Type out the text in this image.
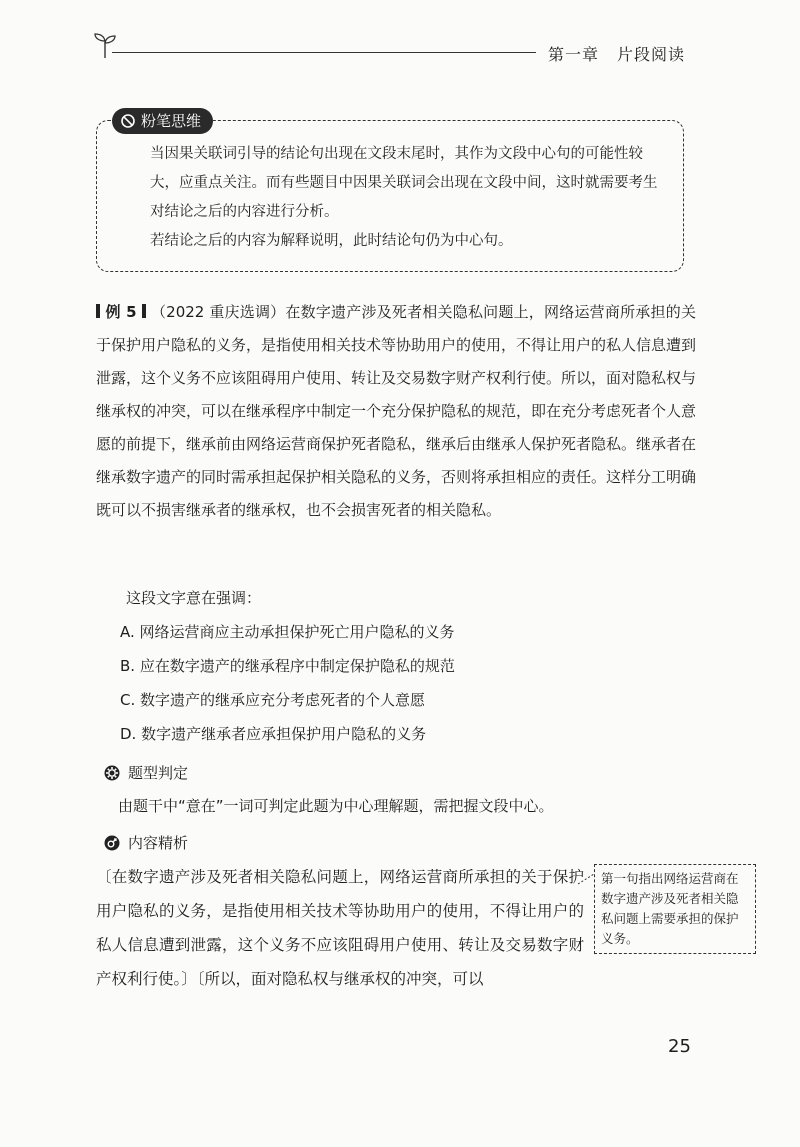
第一章 片段阅读
粉笔思维

当因果关联词引导的结论句出现在文段末尾时，其作为文段中心句的可能性较大，应重点关注。而有些题目中因果关联词会出现在文段中间，这时就需要考生对结论之后的内容进行分析。

若结论之后的内容为解释说明，此时结论句仍为中心句。

例 5 （2022 重庆选调）在数字遗产涉及死者相关隐私问题上，网络运营商所承担的关于保护用户隐私的义务，是指使用相关技术等协助用户的使用，不得让用户的私人信息遭到泄露，这个义务不应该阻碍用户使用、转让及交易数字财产权利行使。所以，面对隐私权与继承权的冲突，可以在继承程序中制定一个充分保护隐私的规范，即在充分考虑死者个人意愿的前提下，继承前由网络运营商保护死者隐私，继承后由继承人保护死者隐私。继承者在继承数字遗产的同时需承担起保护相关隐私的义务，否则将承担相应的责任。这样分工明确既可以不损害继承者的继承权，也不会损害死者的相关隐私。

这段文字意在强调：

A. 网络运营商应主动承担保护死亡用户隐私的义务
B. 应在数字遗产的继承程序中制定保护隐私的规范
C. 数字遗产的继承应充分考虑死者的个人意愿
D. 数字遗产继承者应承担保护用户隐私的义务
题型判定
由题干中“意在”一词可判定此题为中心理解题，需把握文段中心。
内容精析
〔在数字遗产涉及死者相关隐私问题上，网络运营商所承担的关于保护用户隐私的义务，是指使用相关技术等协助用户的使用，不得让用户的私人信息遭到泄露，这个义务不应该阻碍用户使用、转让及交易数字财产权利行使。〕〔所以，面对隐私权与继承权的冲突，可以
第一句指出网络运营商在数字遗产涉及死者相关隐私问题上需要承担的保护义务。
25
